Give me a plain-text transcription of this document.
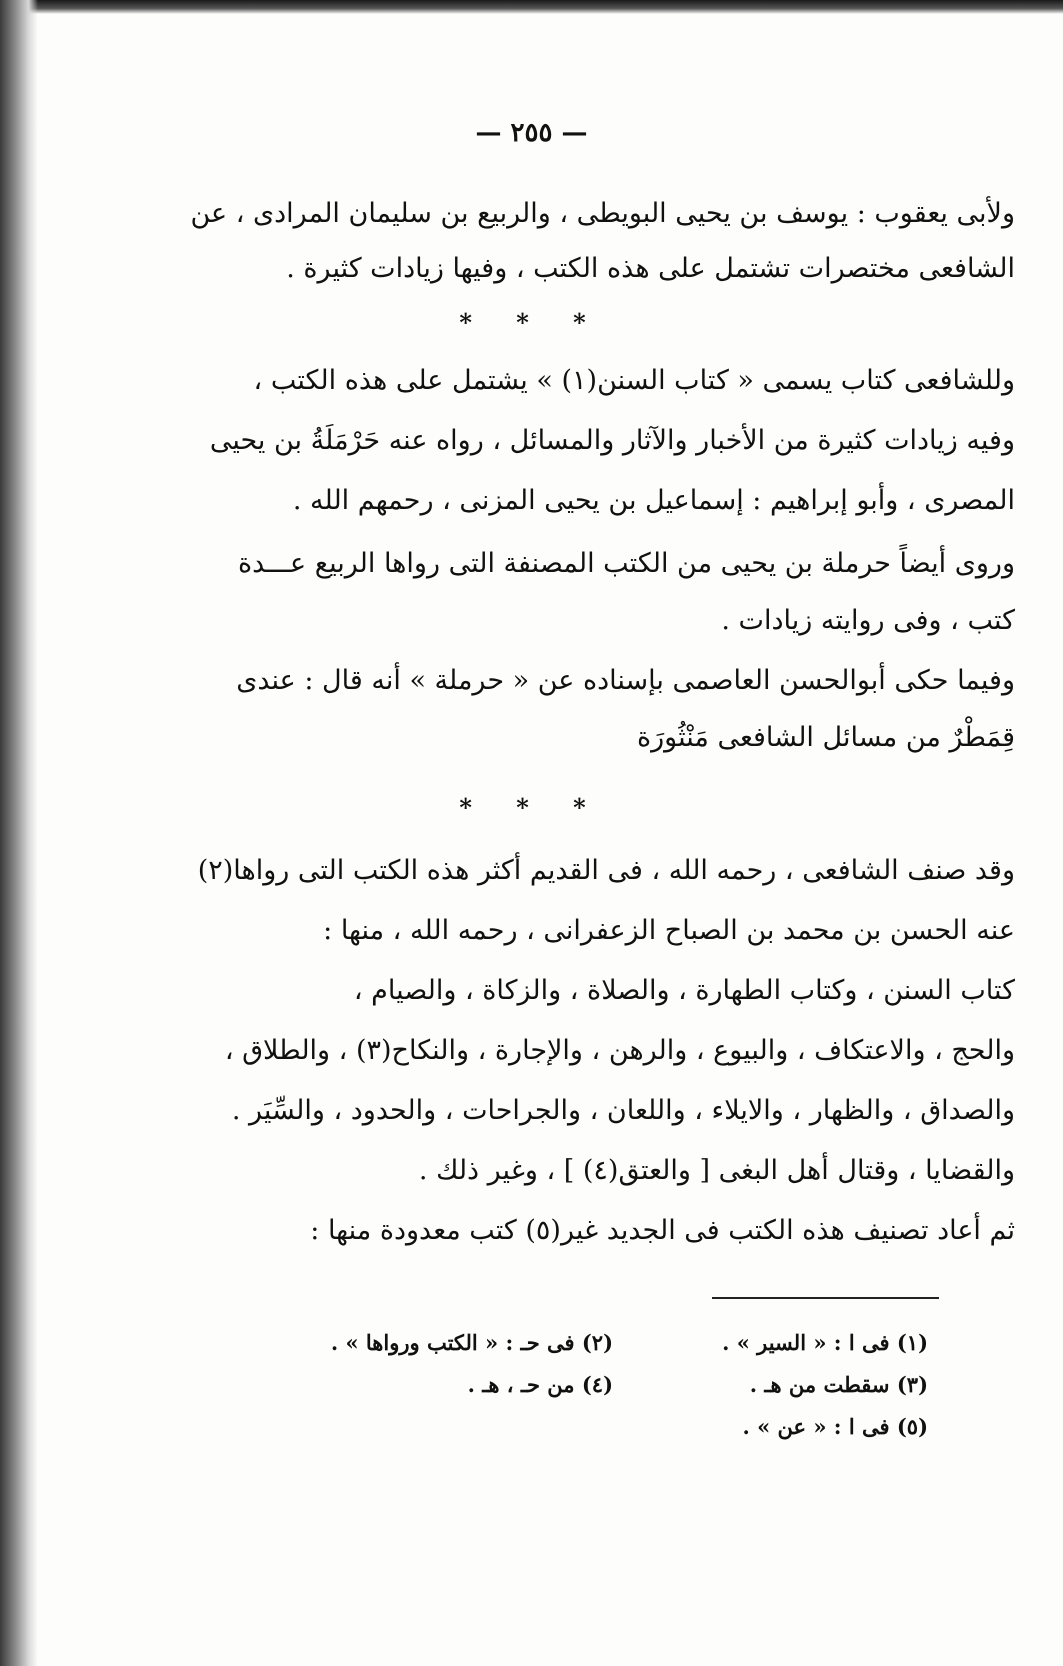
— ٢٥٥ —
ولأبى يعقوب : يوسف بن يحيى البويطى ، والربيع بن سليمان المرادى ، عن
الشافعى مختصرات تشتمل على هذه الكتب ، وفيها زيادات كثيرة .
* * *
وللشافعى كتاب يسمى « كتاب السنن(١) » يشتمل على هذه الكتب ،
وفيه زيادات كثيرة من الأخبار والآثار والمسائل ، رواه عنه حَرْمَلَةُ بن يحيى
المصرى ، وأبو إبراهيم : إسماعيل بن يحيى المزنى ، رحمهم الله .
وروى أيضاً حرملة بن يحيى من الكتب المصنفة التى رواها الربيع عـــدة
كتب ، وفى روايته زيادات .
وفيما حكى أبوالحسن العاصمى بإسناده عن « حرملة » أنه قال : عندى
قِمَطْرٌ من مسائل الشافعى مَنْثُورَة
* * *
وقد صنف الشافعى ، رحمه الله ، فى القديم أكثر هذه الكتب التى رواها(٢)
عنه الحسن بن محمد بن الصباح الزعفرانى ، رحمه الله ، منها :
كتاب السنن ، وكتاب الطهارة ، والصلاة ، والزكاة ، والصيام ،
والحج ، والاعتكاف ، والبيوع ، والرهن ، والإجارة ، والنكاح(٣) ، والطلاق ،
والصداق ، والظهار ، والايلاء ، واللعان ، والجراحات ، والحدود ، والسِّيَر .
والقضايا ، وقتال أهل البغى [ والعتق(٤) ] ، وغير ذلك .
ثم أعاد تصنيف هذه الكتب فى الجديد غير(٥) كتب معدودة منها :
(١) فى ا : « السير » .
(٢) فى حـ : « الكتب ورواها » .
(٣) سقطت من هـ .
(٤) من حـ ، هـ .
(٥) فى ا : « عن » .
